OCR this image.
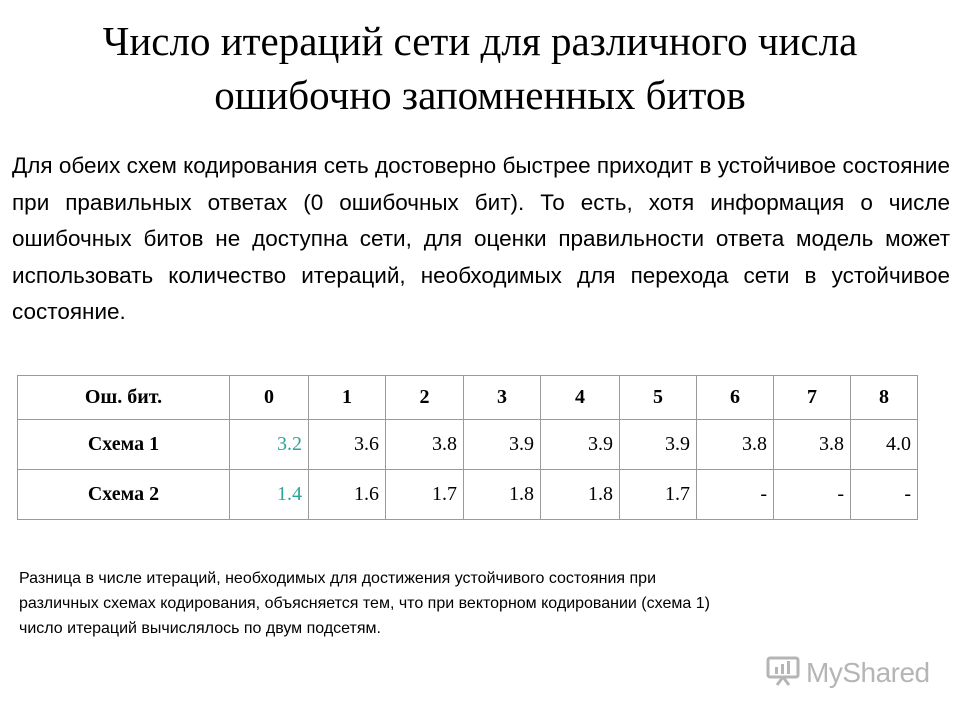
Число итераций сети для различного числа
ошибочно запомненных битов

Для обеих схем кодирования сеть достоверно быстрее приходит в устойчивое состояние при правильных ответах (0 ошибочных бит). То есть, хотя информация о числе ошибочных битов не доступна сети, для оценки правильности ответа модель может использовать количество итераций, необходимых для перехода сети в устойчивое состояние.

Ош. бит.	0	1	2	3	4	5	6	7	8
Схема 1	3.2	3.6	3.8	3.9	3.9	3.9	3.8	3.8	4.0
Схема 2	1.4	1.6	1.7	1.8	1.8	1.7	-	-	-

Разница в числе итераций, необходимых для достижения устойчивого состояния при
различных схемах кодирования, объясняется тем, что при векторном кодировании (схема 1)
число итераций вычислялось по двум подсетям.

MyShared
